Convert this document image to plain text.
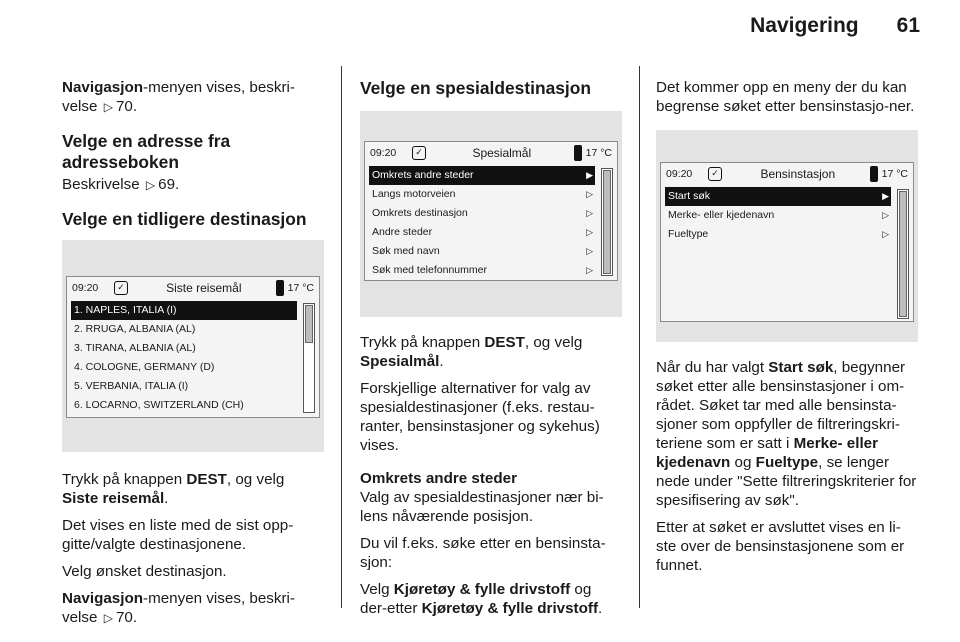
Navigering 61

Navigasjon-menyen vises, beskri-velse ▷ 70.

Velge en adresse fra adresseboken

Beskrivelse ▷ 69.

Velge en tidligere destinasjon
09:20	✓	Siste reisemål	17 °C
1. NAPLES, ITALIA (I)
2. RRUGA, ALBANIA (AL)
3. TIRANA, ALBANIA (AL)
4. COLOGNE, GERMANY (D)
5. VERBANIA, ITALIA (I)
6. LOCARNO, SWITZERLAND (CH)

Trykk på knappen DEST, og velg Siste reisemål.

Det vises en liste med de sist opp-gitte/valgte destinasjonene.

Velg ønsket destinasjon.

Navigasjon-menyen vises, beskri-velse ▷ 70.

Velge en spesialdestinasjon
09:20	✓	Spesialmål	17 °C
Omkrets andre steder	▶
Langs motorveien	▷
Omkrets destinasjon	▷
Andre steder	▷
Søk med navn	▷
Søk med telefonnummer	▷

Trykk på knappen DEST, og velg Spesialmål.

Forskjellige alternativer for valg av spesialdestinasjoner (f.eks. restau-ranter, bensinstasjoner og sykehus) vises.

Omkrets andre steder

Valg av spesialdestinasjoner nær bi-lens nåværende posisjon.

Du vil f.eks. søke etter en bensinsta-sjon:

Velg Kjøretøy & fylle drivstoff og der-etter Kjøretøy & fylle drivstoff.

Det kommer opp en meny der du kan begrense søket etter bensinstasjo-ner.

09:20	✓	Bensinstasjon	17 °C
Start søk	▶
Merke- eller kjedenavn	▷
Fueltype	▷

Når du har valgt Start søk, begynner søket etter alle bensinstasjoner i om-rådet. Søket tar med alle bensinsta-sjoner som oppfyller de filtreringskri-teriene som er satt i Merke- eller kjedenavn og Fueltype, se lenger nede under "Sette filtreringskriterier for spesifisering av søk".

Etter at søket er avsluttet vises en li-ste over de bensinstasjonene som er funnet.
